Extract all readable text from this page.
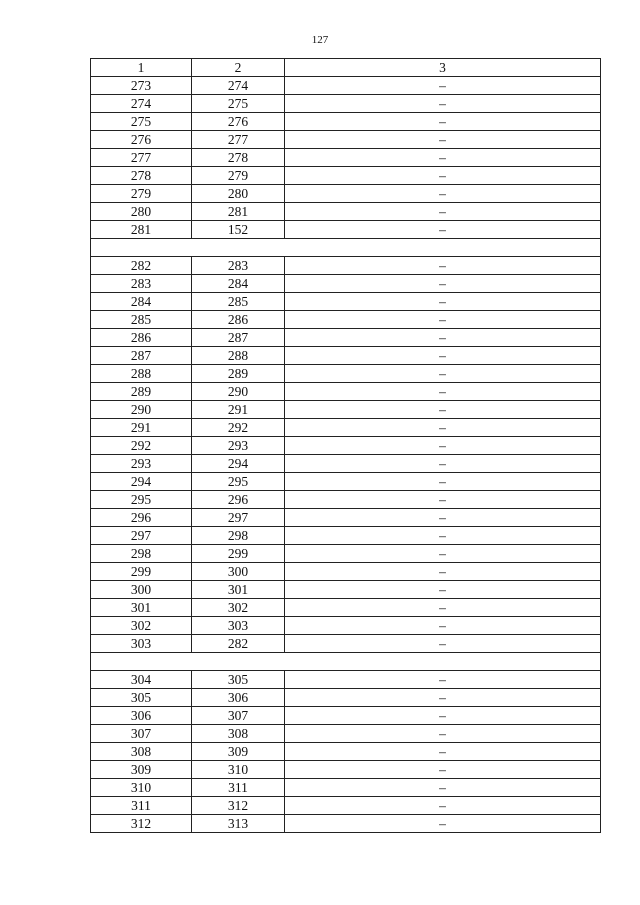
127
1	2	3
273	274	–
274	275	–
275	276	–
276	277	–
277	278	–
278	279	–
279	280	–
280	281	–
281	152	–

282	283	–
283	284	–
284	285	–
285	286	–
286	287	–
287	288	–
288	289	–
289	290	–
290	291	–
291	292	–
292	293	–
293	294	–
294	295	–
295	296	–
296	297	–
297	298	–
298	299	–
299	300	–
300	301	–
301	302	–
302	303	–
303	282	–

304	305	–
305	306	–
306	307	–
307	308	–
308	309	–
309	310	–
310	311	–
311	312	–
312	313	–
